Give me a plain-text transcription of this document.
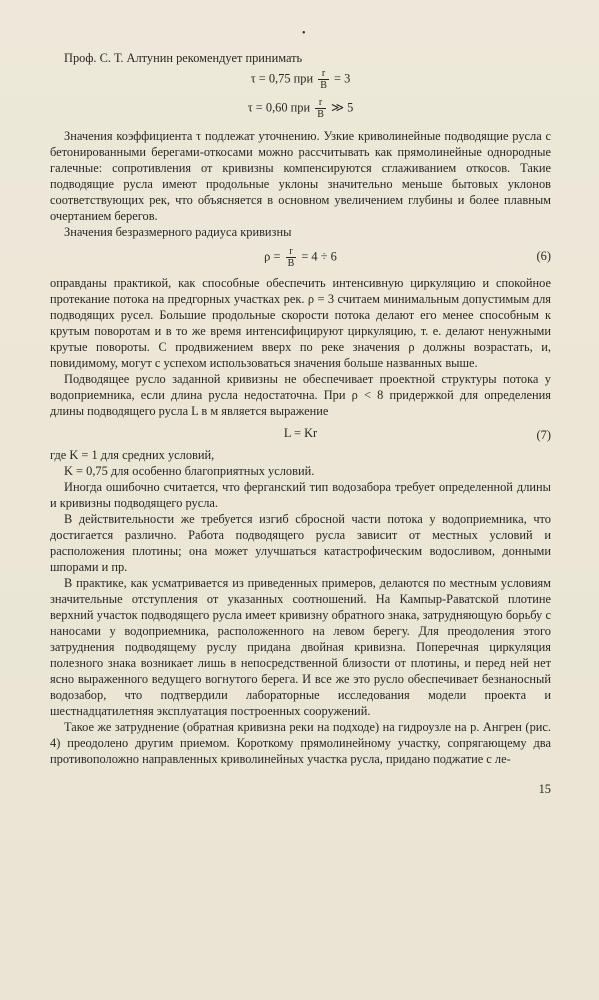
•

Проф. С. Т. Алтунин рекомендует принимать

τ = 0,75 при $\frac{r}{B} = 3$
τ = 0,60 при $\frac{r}{B}$ ≫ 5

Значения коэффициента τ подлежат уточнению. Узкие криволинейные подводящие русла с бетонированными берегами-откосами можно рассчитывать как прямолинейные однородные галечные: сопротивления от кривизны компенсируются сглаживанием откосов. Такие подводящие русла имеют продольные уклоны значительно меньше бытовых уклонов соответствующих рек, что объясняется в основном увеличением глубины и более плавным очертанием берегов.

Значения безразмерного радиуса кривизны

$\rho = \frac{r}{B} = 4 \div 6$	(6)

оправданы практикой, как способные обеспечить интенсивную циркуляцию и спокойное протекание потока на предгорных участках рек. ρ = 3 считаем минимальным допустимым для подводящих русел. Большие продольные скорости потока делают его менее способным к крутым поворотам и в то же время интенсифицируют циркуляцию, т. е. делают ненужными крутые повороты. С продвижением вверх по реке значения ρ должны возрастать, и, повидимому, могут с успехом использоваться значения больше названных выше.

Подводящее русло заданной кривизны не обеспечивает проектной структуры потока у водоприемника, если длина русла недостаточна. При ρ < 8 придержкой для определения длины подводящего русла L в м является выражение

L = Kr	(7)

где K = 1 для средних условий,

K = 0,75 для особенно благоприятных условий.

Иногда ошибочно считается, что ферганский тип водозабора требует определенной длины и кривизны подводящего русла.

В действительности же требуется изгиб сбросной части потока у водоприемника, что достигается различно. Работа подводящего русла зависит от местных условий и расположения плотины; она может улучшаться катастрофическим водосливом, донными шпорами и пр.

В практике, как усматривается из приведенных примеров, делаются по местным условиям значительные отступления от указанных соотношений. На Кампыр-Раватской плотине верхний участок подводящего русла имеет кривизну обратного знака, затрудняющую борьбу с наносами у водоприемника, расположенного на левом берегу. Для преодоления этого затруднения подводящему руслу придана двойная кривизна. Поперечная циркуляция полезного знака возникает лишь в непосредственной близости от плотины, и перед ней нет ясно выраженного ведущего вогнутого берега. И все же это русло обеспечивает безнаносный водозабор, что подтвердили лабораторные исследования модели проекта и шестнадцатилетняя эксплуатация построенных сооружений.

Такое же затруднение (обратная кривизна реки на подходе) на гидроузле на р. Ангрен (рис. 4) преодолено другим приемом. Короткому прямолинейному участку, сопрягающему два противоположно направленных криволинейных участка русла, придано поджатие с ле-

15
